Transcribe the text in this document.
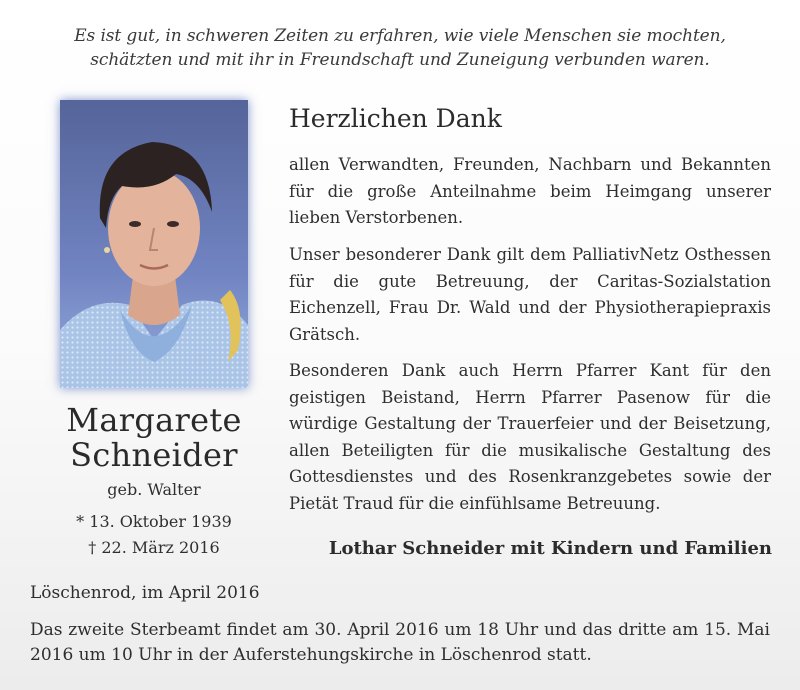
Es ist gut, in schweren Zeiten zu erfahren, wie viele Menschen sie mochten,
schätzten und mit ihr in Freundschaft und Zuneigung verbunden waren.
Margarete
Schneider
geb. Walter
* 13. Oktober 1939
† 22. März 2016
Herzlichen Dank

allen Verwandten, Freunden, Nachbarn und Bekannten für die große Anteilnahme beim Heimgang unserer lieben Verstorbenen.

Unser besonderer Dank gilt dem PalliativNetz Osthessen für die gute Betreuung, der Caritas-Sozialstation Eichenzell, Frau Dr. Wald und der Physiotherapiepraxis Grätsch.

Besonderen Dank auch Herrn Pfarrer Kant für den geistigen Beistand, Herrn Pfarrer Pasenow für die würdige Gestaltung der Trauerfeier und der Beisetzung, allen Beteiligten für die musikalische Gestaltung des Gottesdienstes und des Rosenkranzgebetes sowie der Pietät Traud für die einfühlsame Betreuung.

Lothar Schneider mit Kindern und Familien
Löschenrod, im April 2016

Das zweite Sterbeamt findet am 30. April 2016 um 18 Uhr und das dritte am 15. Mai 2016 um 10 Uhr in der Auferstehungskirche in Löschenrod statt.
